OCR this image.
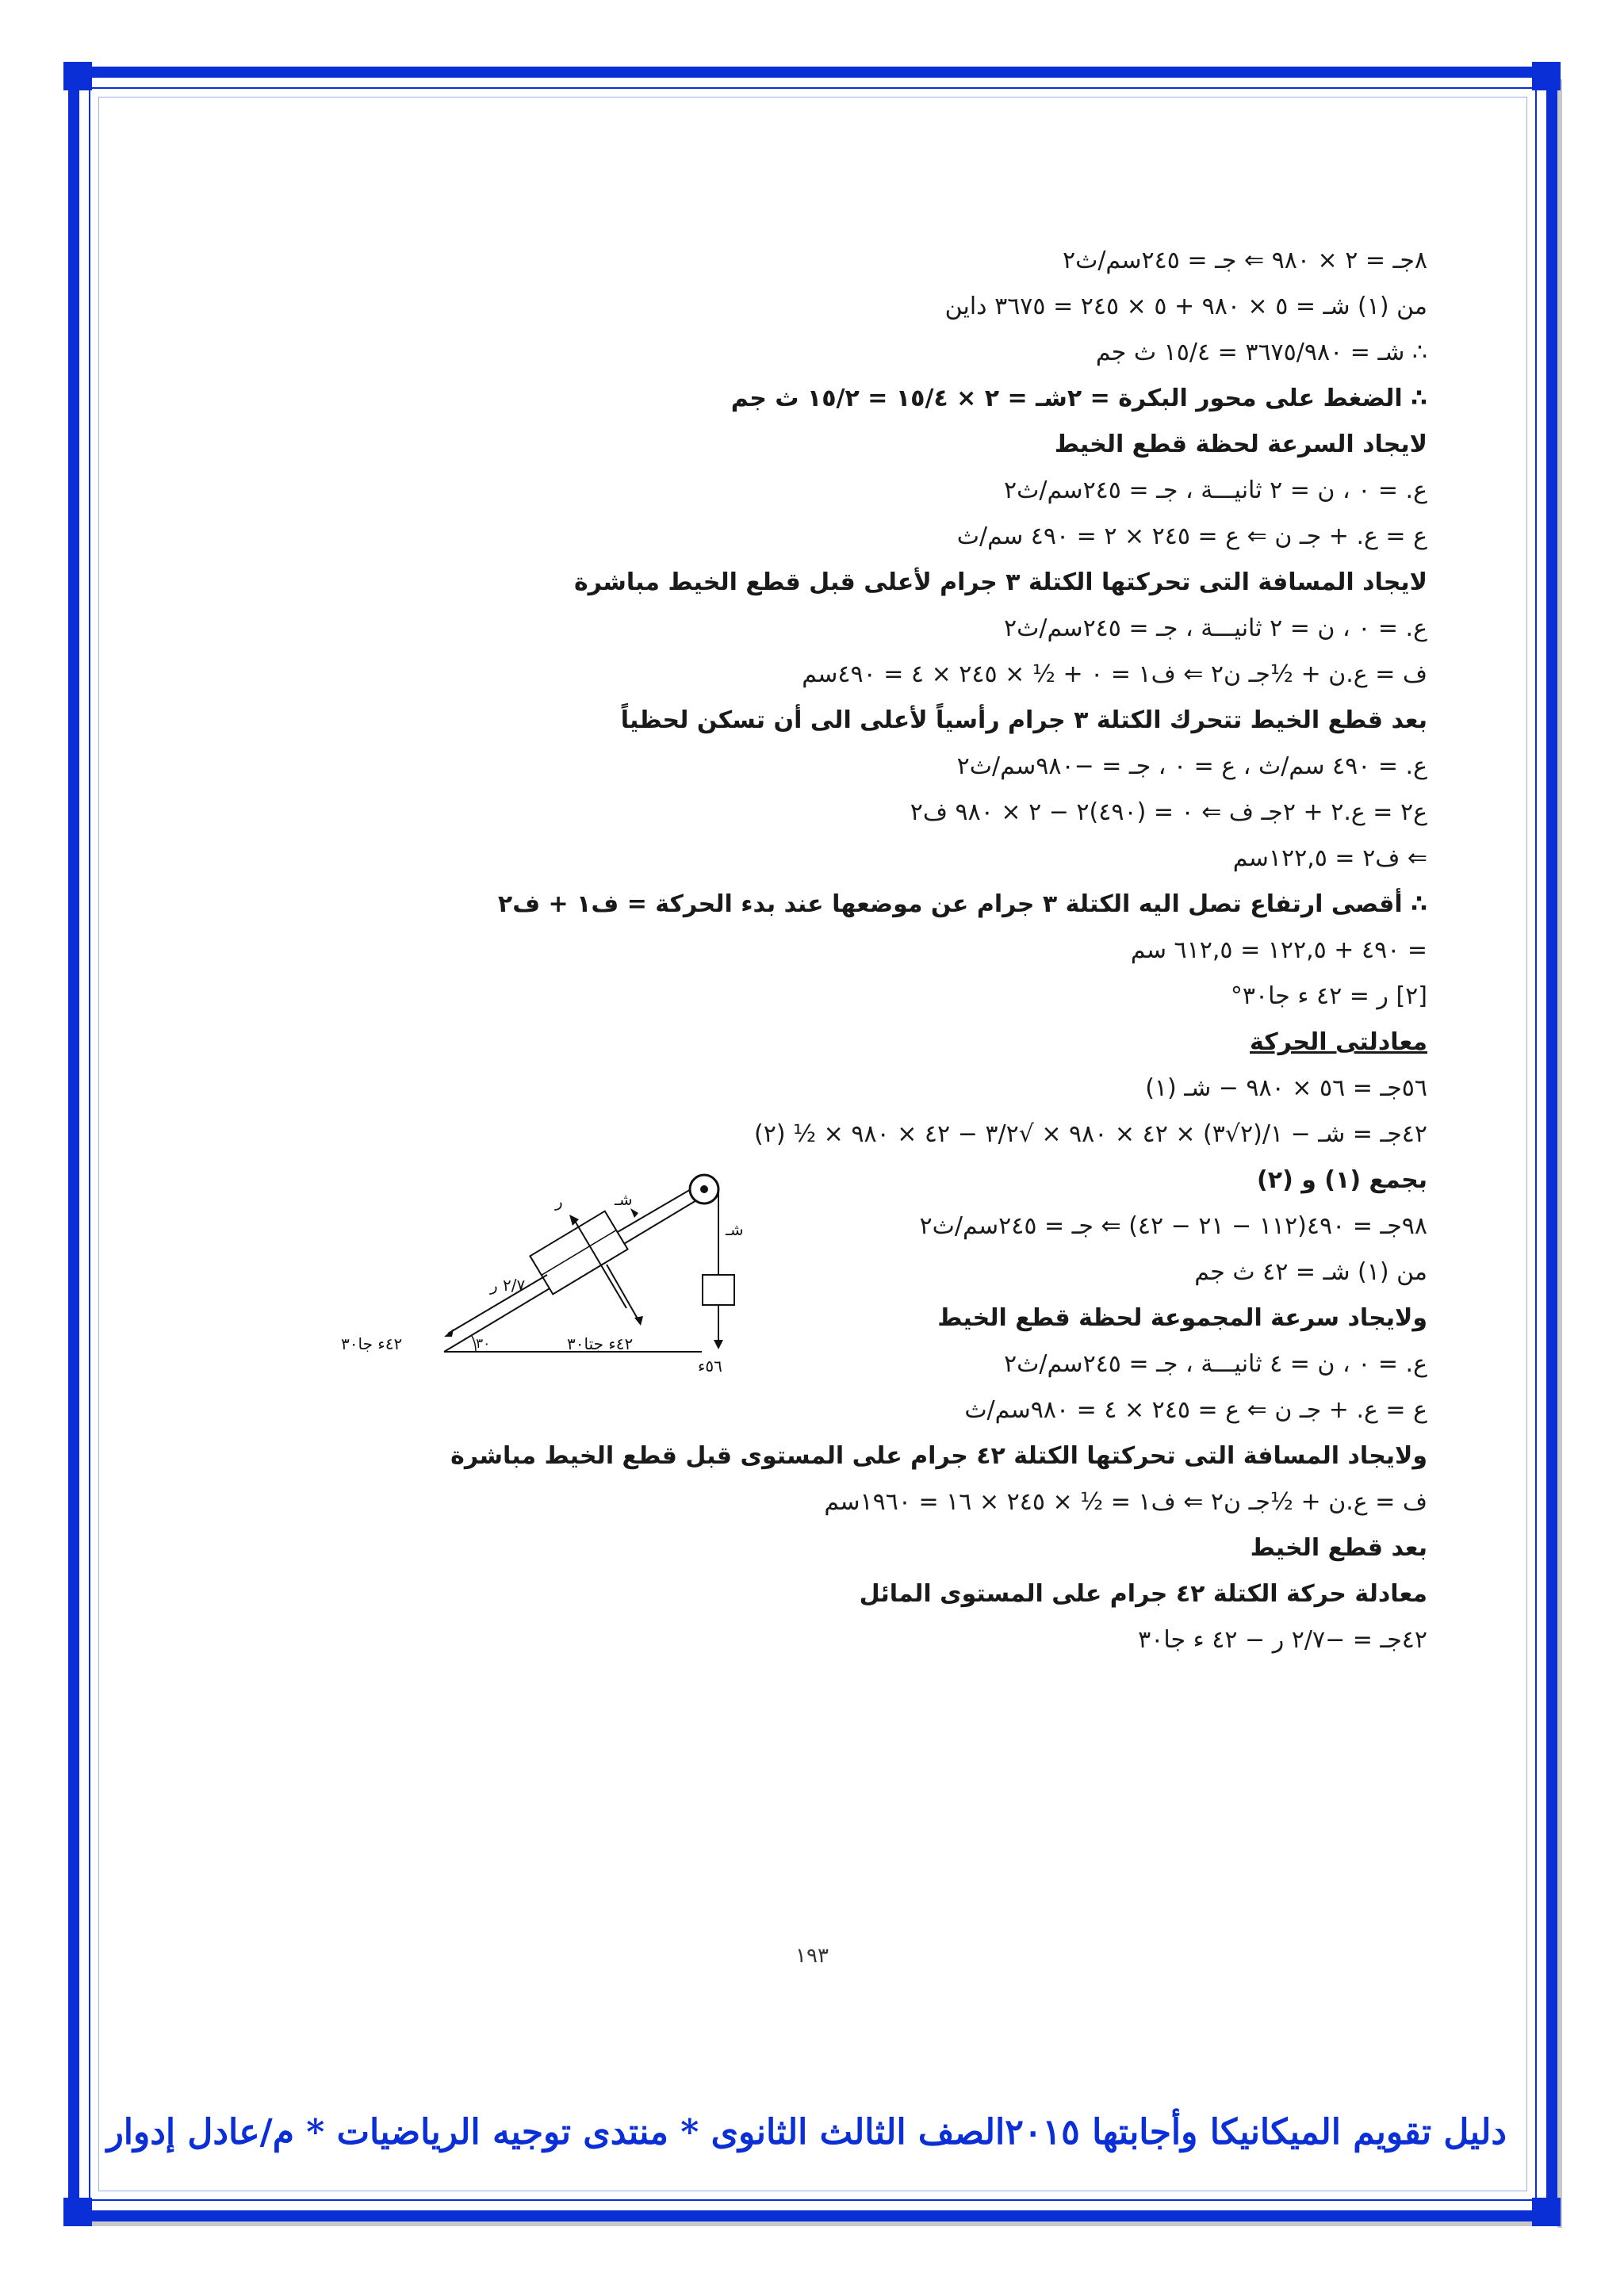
٨جـ = ٢ × ٩٨٠ ⇐ جـ = ٢٤٥سم/ث٢
من (١) شـ = ٥ × ٩٨٠ + ٥ × ٢٤٥ = ٣٦٧٥ داين
∴ شـ = ٣٦٧٥/٩٨٠ = ١٥/٤ ث جم
∴ الضغط على محور البكرة = ٢شـ = ٢ × ١٥/٤ = ١٥/٢ ث جم
لايجاد السرعة لحظة قطع الخيط
ع. = ٠ ، ن = ٢ ثانيـــة ، جـ = ٢٤٥سم/ث٢
ع = ع. + جـ ن ⇐ ع = ٢٤٥ × ٢ = ٤٩٠ سم/ث
لايجاد المسافة التى تحركتها الكتلة ٣ جرام لأعلى قبل قطع الخيط مباشرة
ع. = ٠ ، ن = ٢ ثانيـــة ، جـ = ٢٤٥سم/ث٢
ف = ع.ن + ½جـ ن٢ ⇐ ف١ = ٠ + ½ × ٢٤٥ × ٤ = ٤٩٠سم
بعد قطع الخيط تتحرك الكتلة ٣ جرام رأسياً لأعلى الى أن تسكن لحظياً
ع. = ٤٩٠ سم/ث ، ع = ٠ ، جـ = −٩٨٠سم/ث٢
ع٢ = ع.٢ + ٢جـ ف ⇐ ٠ = (٤٩٠)٢ − ٢ × ٩٨٠ ف٢
⇐ ف٢ = ١٢٢,٥سم
∴ أقصى ارتفاع تصل اليه الكتلة ٣ جرام عن موضعها عند بدء الحركة = ف١ + ف٢
= ٤٩٠ + ١٢٢,٥ = ٦١٢,٥ سم
[٢] ر = ٤٢ ء جا٣٠°
معادلتى الحركة
٥٦جـ = ٥٦ × ٩٨٠ − شـ (١)
٤٢جـ = شـ − ١/(٢√٣) × ٤٢ × ٩٨٠ × √٣/٢ − ٤٢ × ٩٨٠ × ½ (٢)
بجمع (١) و (٢)
٩٨جـ = ٤٩٠(١١٢ − ٢١ − ٤٢) ⇐ جـ = ٢٤٥سم/ث٢
من (١) شـ = ٤٢ ث جم
ولايجاد سرعة المجموعة لحظة قطع الخيط
ع. = ٠ ، ن = ٤ ثانيـــة ، جـ = ٢٤٥سم/ث٢
ع = ع. + جـ ن ⇐ ع = ٢٤٥ × ٤ = ٩٨٠سم/ث
ولايجاد المسافة التى تحركتها الكتلة ٤٢ جرام على المستوى قبل قطع الخيط مباشرة
ف = ع.ن + ½جـ ن٢ ⇐ ف١ = ½ × ٢٤٥ × ١٦ = ١٩٦٠سم
بعد قطع الخيط
معادلة حركة الكتلة ٤٢ جرام على المستوى المائل
٤٢جـ = −٢/٧ ر − ٤٢ ء جا٣٠
ر	شـ
شـ
٢/٧ ر
٤٢ء جا٣٠	٤٢ء جتا٣٠
٣٠
٥٦ء
١٩٣
دليل تقويم الميكانيكا وأجابتها ٢٠١٥الصف الثالث الثانوى * منتدى توجيه الرياضيات * م/عادل إدوار
